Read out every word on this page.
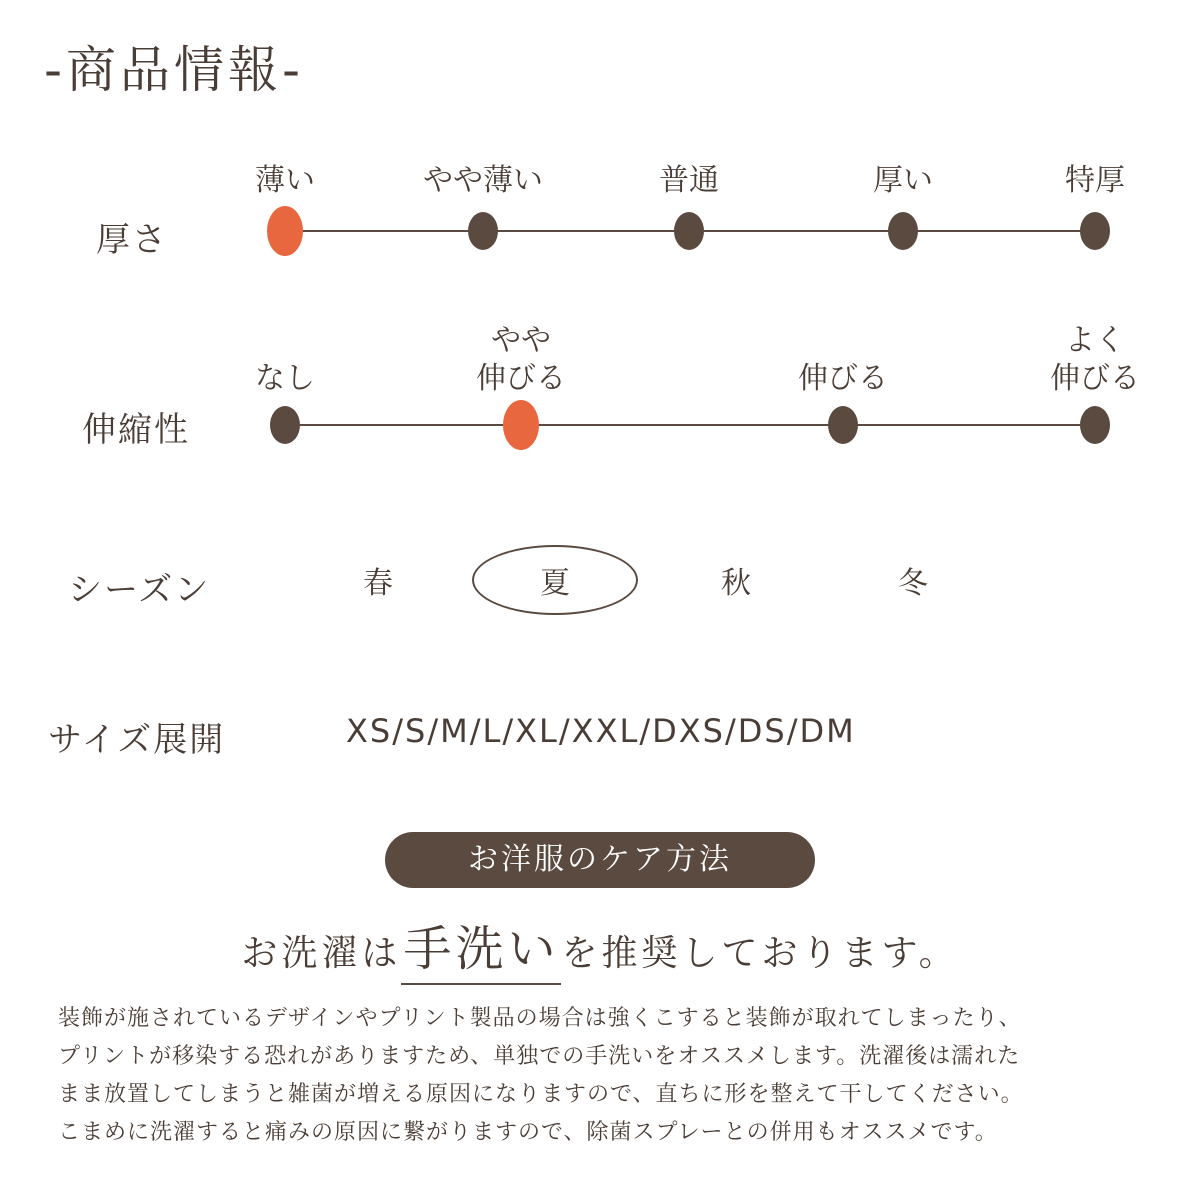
-商品情報-
厚さ
薄い	やや薄い	普通	厚い	特厚
伸縮性
なし
やや
伸びる	伸びる
よく
伸びる
シーズン	春	夏	秋	冬
サイズ展開	XS/S/M/L/XL/XXL/DXS/DS/DM
お洋服のケア方法
お洗濯は手洗いを推奨しております。

装飾が施されているデザインやプリント製品の場合は強くこすると装飾が取れてしまったり、

プリントが移染する恐れがありますため、単独での手洗いをオススメします。洗濯後は濡れた

まま放置してしまうと雑菌が増える原因になりますので、直ちに形を整えて干してください。

こまめに洗濯すると痛みの原因に繋がりますので、除菌スプレーとの併用もオススメです。
